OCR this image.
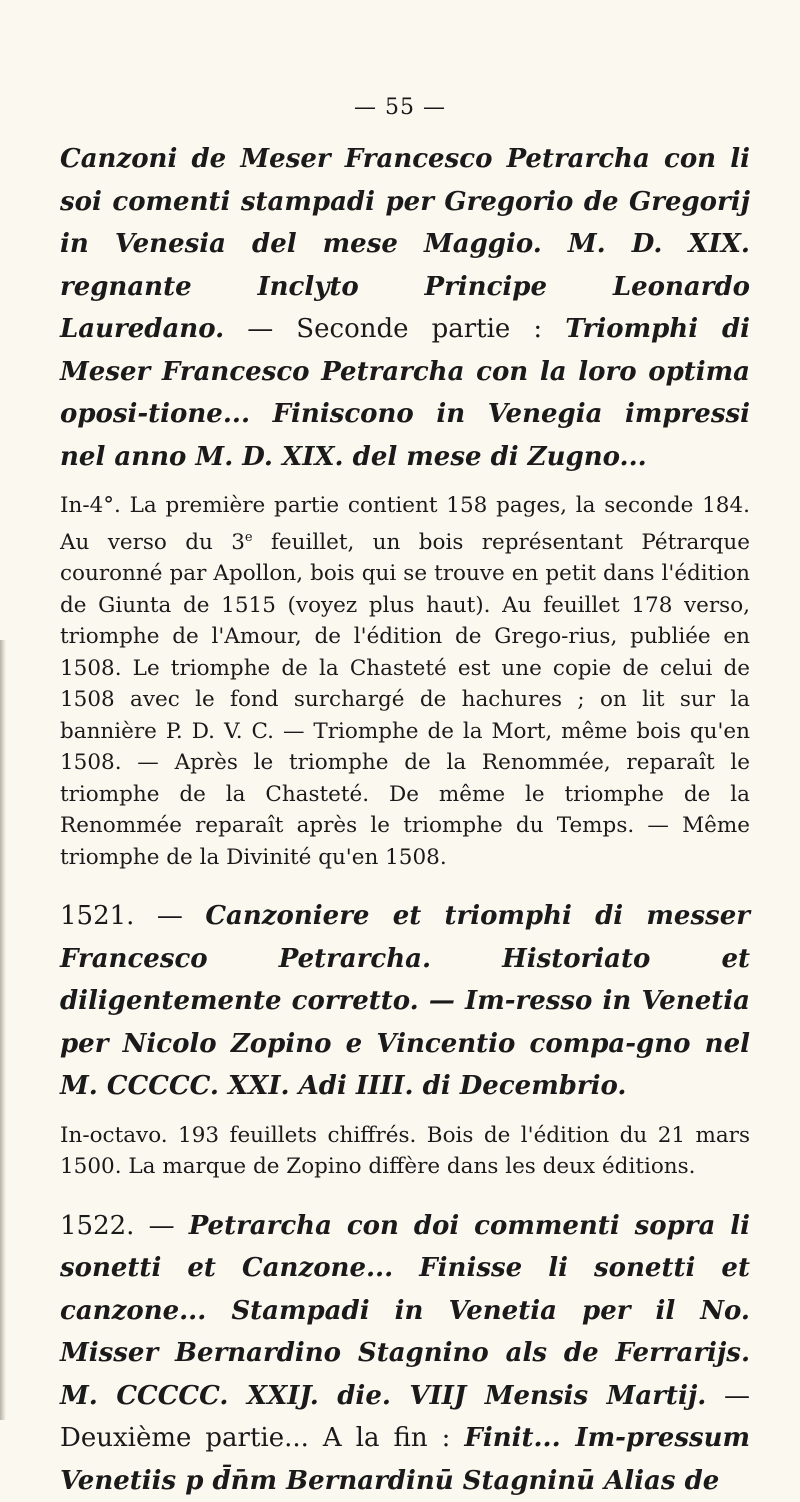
— 55 —

Canzoni de Meser Francesco Petrarcha con li soi comenti stampadi per Gregorio de Gregorij in Venesia del mese Maggio. M. D. XIX. regnante Inclyto Principe Leonardo Lauredano. — Seconde partie : Triomphi di Meser Francesco Petrarcha con la loro optima oposi-tione... Finiscono in Venegia impressi nel anno M. D. XIX. del mese di Zugno...

In-4°. La première partie contient 158 pages, la seconde 184. Au verso du 3e feuillet, un bois représentant Pétrarque couronné par Apollon, bois qui se trouve en petit dans l'édition de Giunta de 1515 (voyez plus haut). Au feuillet 178 verso, triomphe de l'Amour, de l'édition de Grego-rius, publiée en 1508. Le triomphe de la Chasteté est une copie de celui de 1508 avec le fond surchargé de hachures ; on lit sur la bannière P. D. V. C. — Triomphe de la Mort, même bois qu'en 1508. — Après le triomphe de la Renommée, reparaît le triomphe de la Chasteté. De même le triomphe de la Renommée reparaît après le triomphe du Temps. — Même triomphe de la Divinité qu'en 1508.

1521. — Canzoniere et triomphi di messer Francesco Petrarcha. Historiato et diligentemente corretto. — Im-resso in Venetia per Nicolo Zopino e Vincentio compa-gno nel M. CCCCC. XXI. Adi IIII. di Decembrio.

In-octavo. 193 feuillets chiffrés. Bois de l'édition du 21 mars 1500. La marque de Zopino diffère dans les deux éditions.

1522. — Petrarcha con doi commenti sopra li sonetti et Canzone... Finisse li sonetti et canzone... Stampadi in Venetia per il No. Misser Bernardino Stagnino als de Ferrarijs. M. CCCCC. XXIJ. die. VIIJ Mensis Martij. — Deuxième partie... A la fin : Finit... Im-pressum Venetiis p d̄n̄m Bernardinū Stagninū Alias de
